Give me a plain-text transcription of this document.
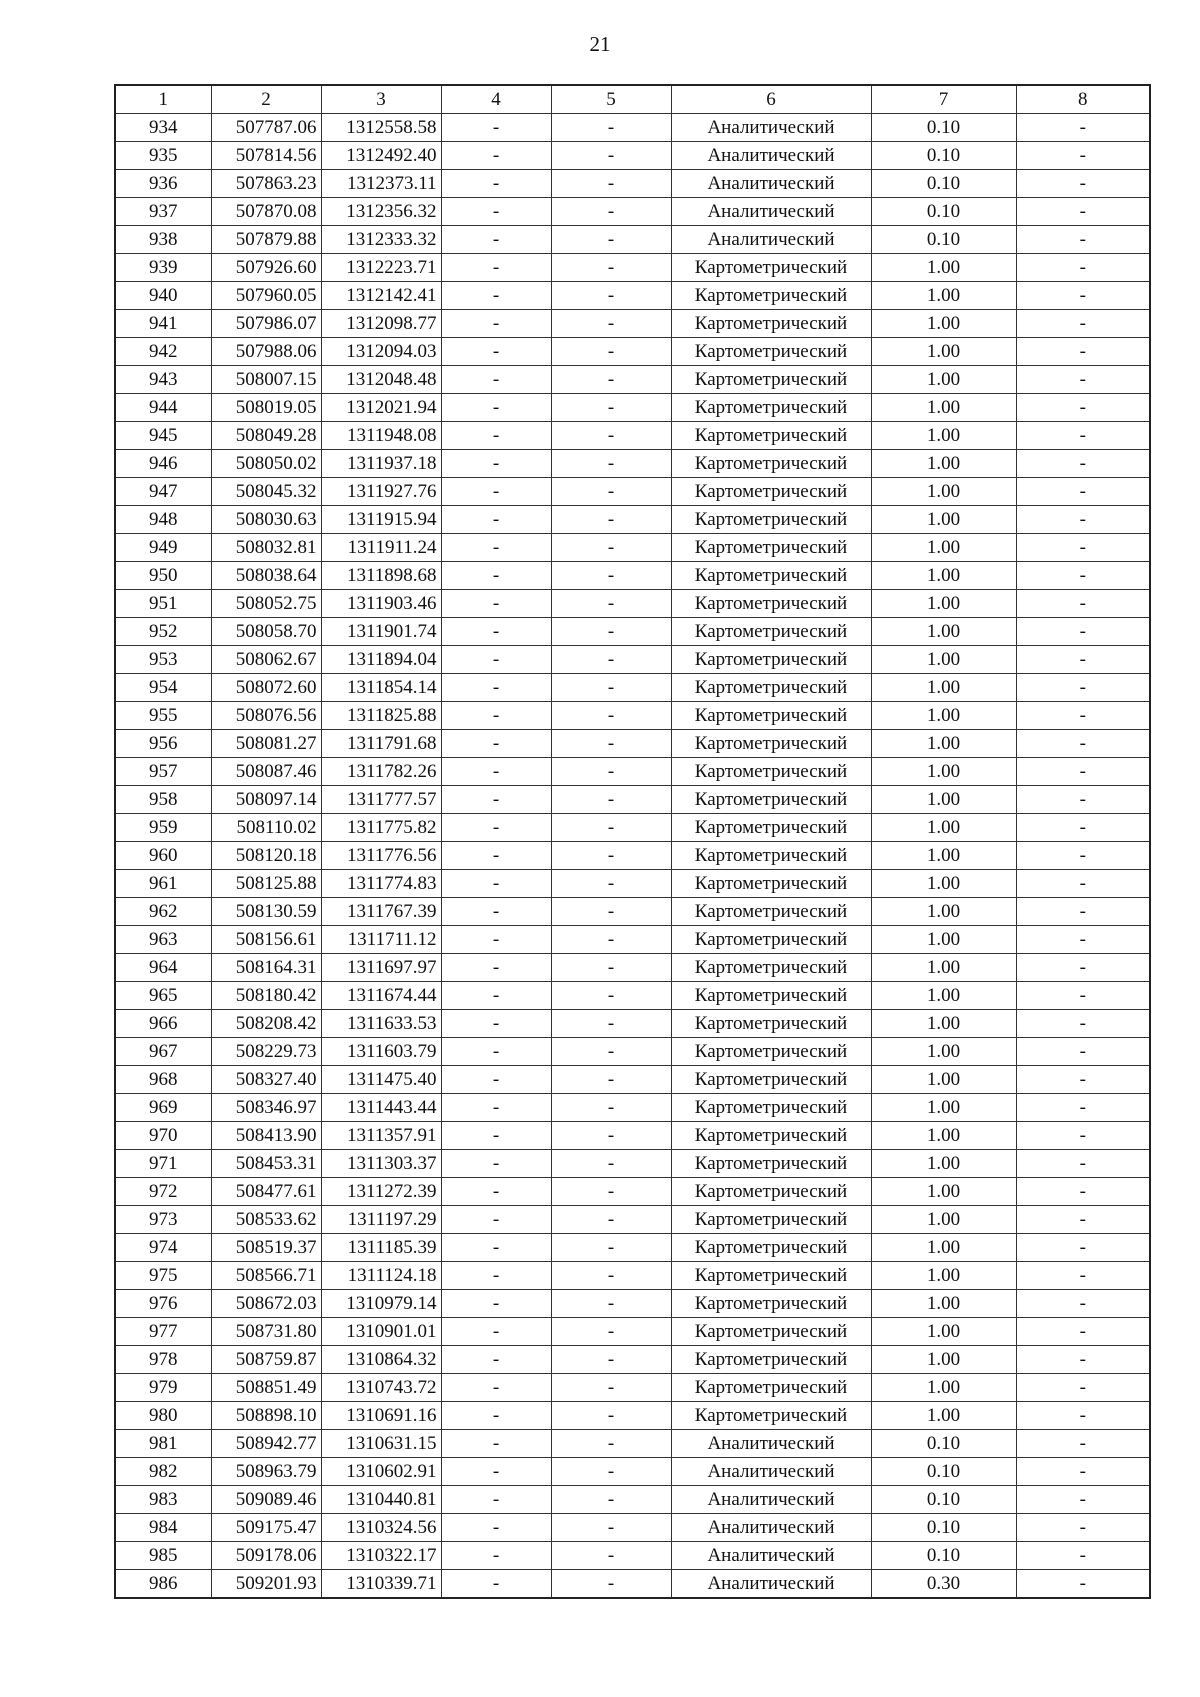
21
1	2	3	4	5	6	7	8
934	507787.06	1312558.58	-	-	Аналитический	0.10	-
935	507814.56	1312492.40	-	-	Аналитический	0.10	-
936	507863.23	1312373.11	-	-	Аналитический	0.10	-
937	507870.08	1312356.32	-	-	Аналитический	0.10	-
938	507879.88	1312333.32	-	-	Аналитический	0.10	-
939	507926.60	1312223.71	-	-	Картометрический	1.00	-
940	507960.05	1312142.41	-	-	Картометрический	1.00	-
941	507986.07	1312098.77	-	-	Картометрический	1.00	-
942	507988.06	1312094.03	-	-	Картометрический	1.00	-
943	508007.15	1312048.48	-	-	Картометрический	1.00	-
944	508019.05	1312021.94	-	-	Картометрический	1.00	-
945	508049.28	1311948.08	-	-	Картометрический	1.00	-
946	508050.02	1311937.18	-	-	Картометрический	1.00	-
947	508045.32	1311927.76	-	-	Картометрический	1.00	-
948	508030.63	1311915.94	-	-	Картометрический	1.00	-
949	508032.81	1311911.24	-	-	Картометрический	1.00	-
950	508038.64	1311898.68	-	-	Картометрический	1.00	-
951	508052.75	1311903.46	-	-	Картометрический	1.00	-
952	508058.70	1311901.74	-	-	Картометрический	1.00	-
953	508062.67	1311894.04	-	-	Картометрический	1.00	-
954	508072.60	1311854.14	-	-	Картометрический	1.00	-
955	508076.56	1311825.88	-	-	Картометрический	1.00	-
956	508081.27	1311791.68	-	-	Картометрический	1.00	-
957	508087.46	1311782.26	-	-	Картометрический	1.00	-
958	508097.14	1311777.57	-	-	Картометрический	1.00	-
959	508110.02	1311775.82	-	-	Картометрический	1.00	-
960	508120.18	1311776.56	-	-	Картометрический	1.00	-
961	508125.88	1311774.83	-	-	Картометрический	1.00	-
962	508130.59	1311767.39	-	-	Картометрический	1.00	-
963	508156.61	1311711.12	-	-	Картометрический	1.00	-
964	508164.31	1311697.97	-	-	Картометрический	1.00	-
965	508180.42	1311674.44	-	-	Картометрический	1.00	-
966	508208.42	1311633.53	-	-	Картометрический	1.00	-
967	508229.73	1311603.79	-	-	Картометрический	1.00	-
968	508327.40	1311475.40	-	-	Картометрический	1.00	-
969	508346.97	1311443.44	-	-	Картометрический	1.00	-
970	508413.90	1311357.91	-	-	Картометрический	1.00	-
971	508453.31	1311303.37	-	-	Картометрический	1.00	-
972	508477.61	1311272.39	-	-	Картометрический	1.00	-
973	508533.62	1311197.29	-	-	Картометрический	1.00	-
974	508519.37	1311185.39	-	-	Картометрический	1.00	-
975	508566.71	1311124.18	-	-	Картометрический	1.00	-
976	508672.03	1310979.14	-	-	Картометрический	1.00	-
977	508731.80	1310901.01	-	-	Картометрический	1.00	-
978	508759.87	1310864.32	-	-	Картометрический	1.00	-
979	508851.49	1310743.72	-	-	Картометрический	1.00	-
980	508898.10	1310691.16	-	-	Картометрический	1.00	-
981	508942.77	1310631.15	-	-	Аналитический	0.10	-
982	508963.79	1310602.91	-	-	Аналитический	0.10	-
983	509089.46	1310440.81	-	-	Аналитический	0.10	-
984	509175.47	1310324.56	-	-	Аналитический	0.10	-
985	509178.06	1310322.17	-	-	Аналитический	0.10	-
986	509201.93	1310339.71	-	-	Аналитический	0.30	-
